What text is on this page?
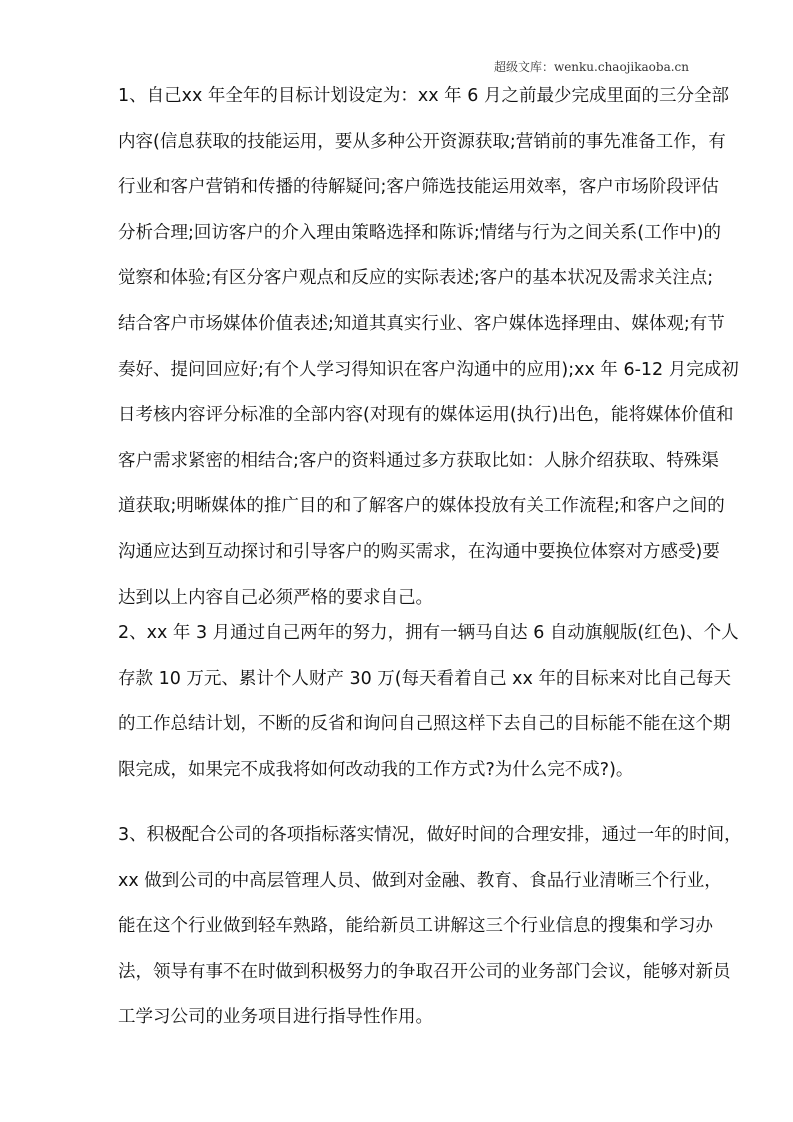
超级文库：wenku.chaojikaoba.cn
1、自己xx 年全年的目标计划设定为：xx 年 6 月之前最少完成里面的三分全部
内容(信息获取的技能运用，要从多种公开资源获取;营销前的事先准备工作，有
行业和客户营销和传播的待解疑问;客户筛选技能运用效率，客户市场阶段评估
分析合理;回访客户的介入理由策略选择和陈诉;情绪与行为之间关系(工作中)的
觉察和体验;有区分客户观点和反应的实际表述;客户的基本状况及需求关注点;
结合客户市场媒体价值表述;知道其真实行业、客户媒体选择理由、媒体观;有节
奏好、提问回应好;有个人学习得知识在客户沟通中的应用);xx 年 6-12 月完成初
日考核内容评分标准的全部内容(对现有的媒体运用(执行)出色，能将媒体价值和
客户需求紧密的相结合;客户的资料通过多方获取比如：人脉介绍获取、特殊渠
道获取;明晰媒体的推广目的和了解客户的媒体投放有关工作流程;和客户之间的
沟通应达到互动探讨和引导客户的购买需求，在沟通中要换位体察对方感受)要
达到以上内容自己必须严格的要求自己。
2、xx 年 3 月通过自己两年的努力，拥有一辆马自达 6 自动旗舰版(红色)、个人
存款 10 万元、累计个人财产 30 万(每天看着自己 xx 年的目标来对比自己每天
的工作总结计划，不断的反省和询问自己照这样下去自己的目标能不能在这个期
限完成，如果完不成我将如何改动我的工作方式?为什么完不成?)。
3、积极配合公司的各项指标落实情况，做好时间的合理安排，通过一年的时间，
xx 做到公司的中高层管理人员、做到对金融、教育、食品行业清晰三个行业，
能在这个行业做到轻车熟路，能给新员工讲解这三个行业信息的搜集和学习办
法，领导有事不在时做到积极努力的争取召开公司的业务部门会议，能够对新员
工学习公司的业务项目进行指导性作用。
